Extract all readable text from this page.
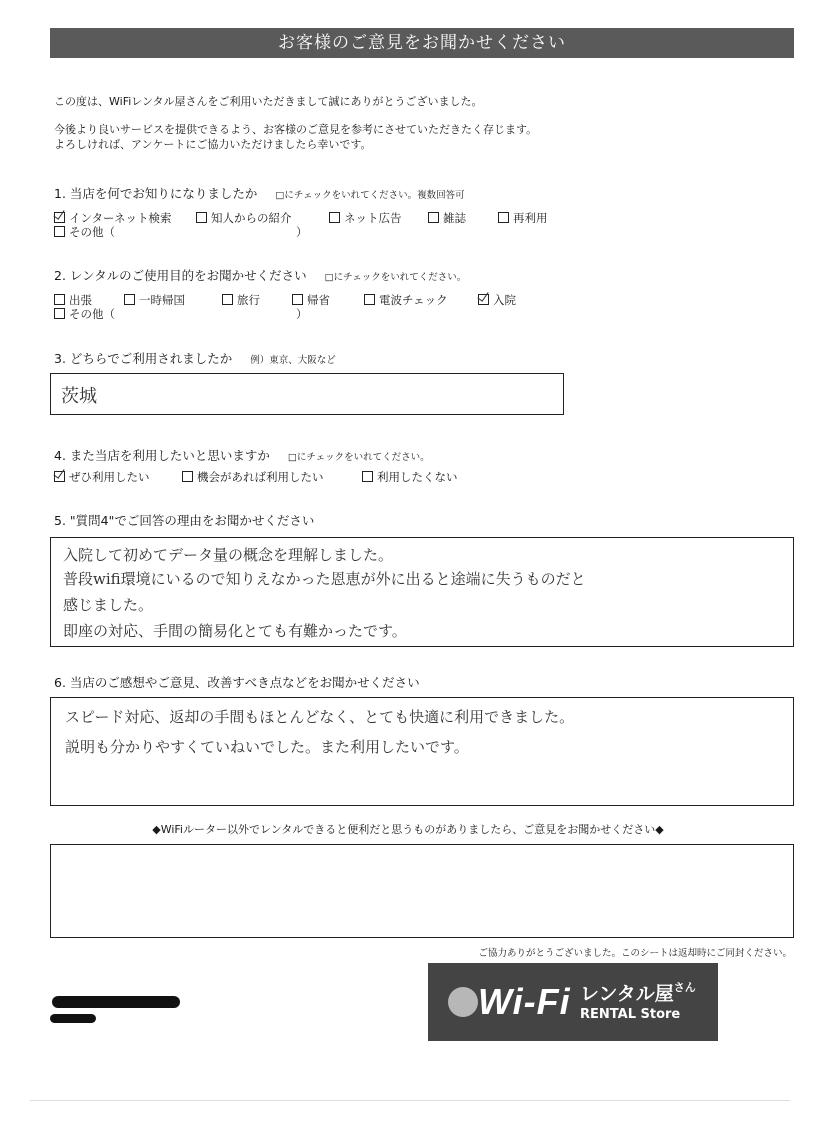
お客様のご意見をお聞かせください
この度は、WiFiレンタル屋さんをご利用いただきまして誠にありがとうございました。
今後より良いサービスを提供できるよう、お客様のご意見を参考にさせていただきたく存じます。
よろしければ、アンケートにご協力いただけましたら幸いです。
1. 当店を何でお知りになりましたか □にチェックをいれてください。複数回答可
インターネット検索	知人からの紹介	ネット広告	雑誌	再利用
その他（	）
2. レンタルのご使用目的をお聞かせください □にチェックをいれてください。
出張	一時帰国	旅行	帰省	電波チェック	入院
その他（	）
3. どちらでご利用されましたか 例）東京、大阪など
茨城
4. また当店を利用したいと思いますか □にチェックをいれてください。
ぜひ利用したい	機会があれば利用したい	利用したくない
5. "質問4"でご回答の理由をお聞かせください
入院して初めてデータ量の概念を理解しました。
普段wifi環境にいるので知りえなかった恩恵が外に出ると途端に失うものだと
感じました。
即座の対応、手間の簡易化とても有難かったです。
6. 当店のご感想やご意見、改善すべき点などをお聞かせください
スピード対応、返却の手間もほとんどなく、とても快適に利用できました。
説明も分かりやすくていねいでした。また利用したいです。
◆WiFiルーター以外でレンタルできると便利だと思うものがありましたら、ご意見をお聞かせください◆
ご協力ありがとうございました。このシートは返却時にご同封ください。
Wi-Fi レンタル屋$^{さん}$
RENTAL Store
